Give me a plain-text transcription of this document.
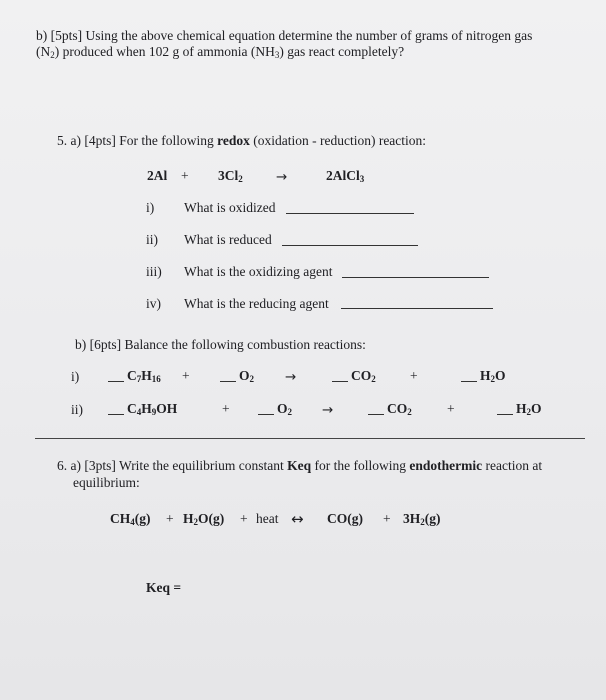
b) [5pts] Using the above chemical equation determine the number of grams of nitrogen gas
$(N_2)$ produced when 102 g of ammonia $(NH_3)$ gas react completely?
5. a) [4pts] For the following redox (oxidation - reduction) reaction:
$2Al + 3Cl_2$ →	2AlCl$_3$
i) What is oxidized
ii) What is reduced
iii) What is the oxidizing agent
iv) What is the reducing agent
b) [6pts] Balance the following combustion reactions:
i)	$C_7H_{16}$ +	$O_2$ →	$CO_2$	+	$H_2O$
ii)	$C_4H_9OH$	+	$O_2$ →	$CO_2$	+	$H_2O$
6. a) [3pts] Write the equilibrium constant Keq for the following endothermic reaction at
equilibrium:
$CH_4(g) + H_2O(g)$ + heat ↔ $CO(g) + 3H_2(g)$
Keq =
